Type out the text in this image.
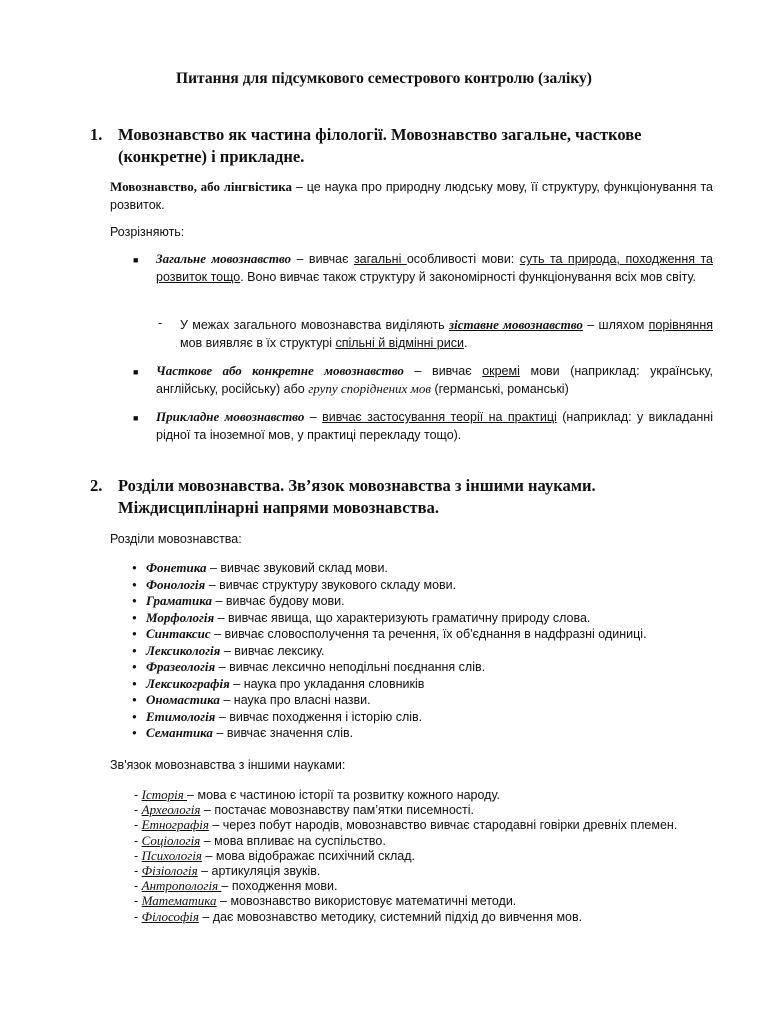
Питання для підсумкового семестрового контролю (заліку)
1. Мовознавство як частина філології. Мовознавство загальне, часткове
(конкретне) і прикладне.
Мовознавство, або лінгвістика – це наука про природну людську мову, її структуру, функціонування та розвиток.
Розрізняють:
■ Загальне мовознавство – вивчає загальні особливості мови: суть та природа, походження та розвиток тощо. Воно вивчає також структуру й закономірності функціонування всіх мов світу.
- У межах загального мовознавства виділяють зіставне мовознавство – шляхом порівняння мов виявляє в їх структурі спільні й відмінні риси.
■ Часткове або конкретне мовознавство – вивчає окремі мови (наприклад: українську, англійську, російську) або групу споріднених мов (германські, романські)
■ Прикладне мовознавство – вивчає застосування теорії на практиці (наприклад: у викладанні рідної та іноземної мов, у практиці перекладу тощо).
2. Розділи мовознавства. Зв’язок мовознавства з іншими науками.
Міждисциплінарні напрями мовознавства.
Розділи мовознавства:
● Фонетика – вивчає звуковий склад мови.
● Фонологія – вивчає структуру звукового складу мови.
● Граматика – вивчає будову мови.
● Морфологія – вивчає явища, що характеризують граматичну природу слова.
● Синтаксис – вивчає словосполучення та речення, їх об'єднання в надфразні одиниці.
● Лексикологія – вивчає лексику.
● Фразеологія – вивчає лексично неподільні поєднання слів.
● Лексикографія – наука про укладання словників
● Ономастика – наука про власні назви.
● Етимологія – вивчає походження і історію слів.
● Семантика – вивчає значення слів.
Зв'язок мовознавства з іншими науками:
- Історія – мова є частиною історії та розвитку кожного народу.
- Археологія – постачає мовознавству пам’ятки писемності.
- Етнографія – через побут народів, мовознавство вивчає стародавні говірки древніх племен.
- Соціологія – мова впливає на суспільство.
- Психологія – мова відображає психічний склад.
- Фізіологія – артикуляція звуків.
- Антропологія – походження мови.
- Математика – мовознавство використовує математичні методи.
- Філософія – дає мовознавство методику, системний підхід до вивчення мов.
